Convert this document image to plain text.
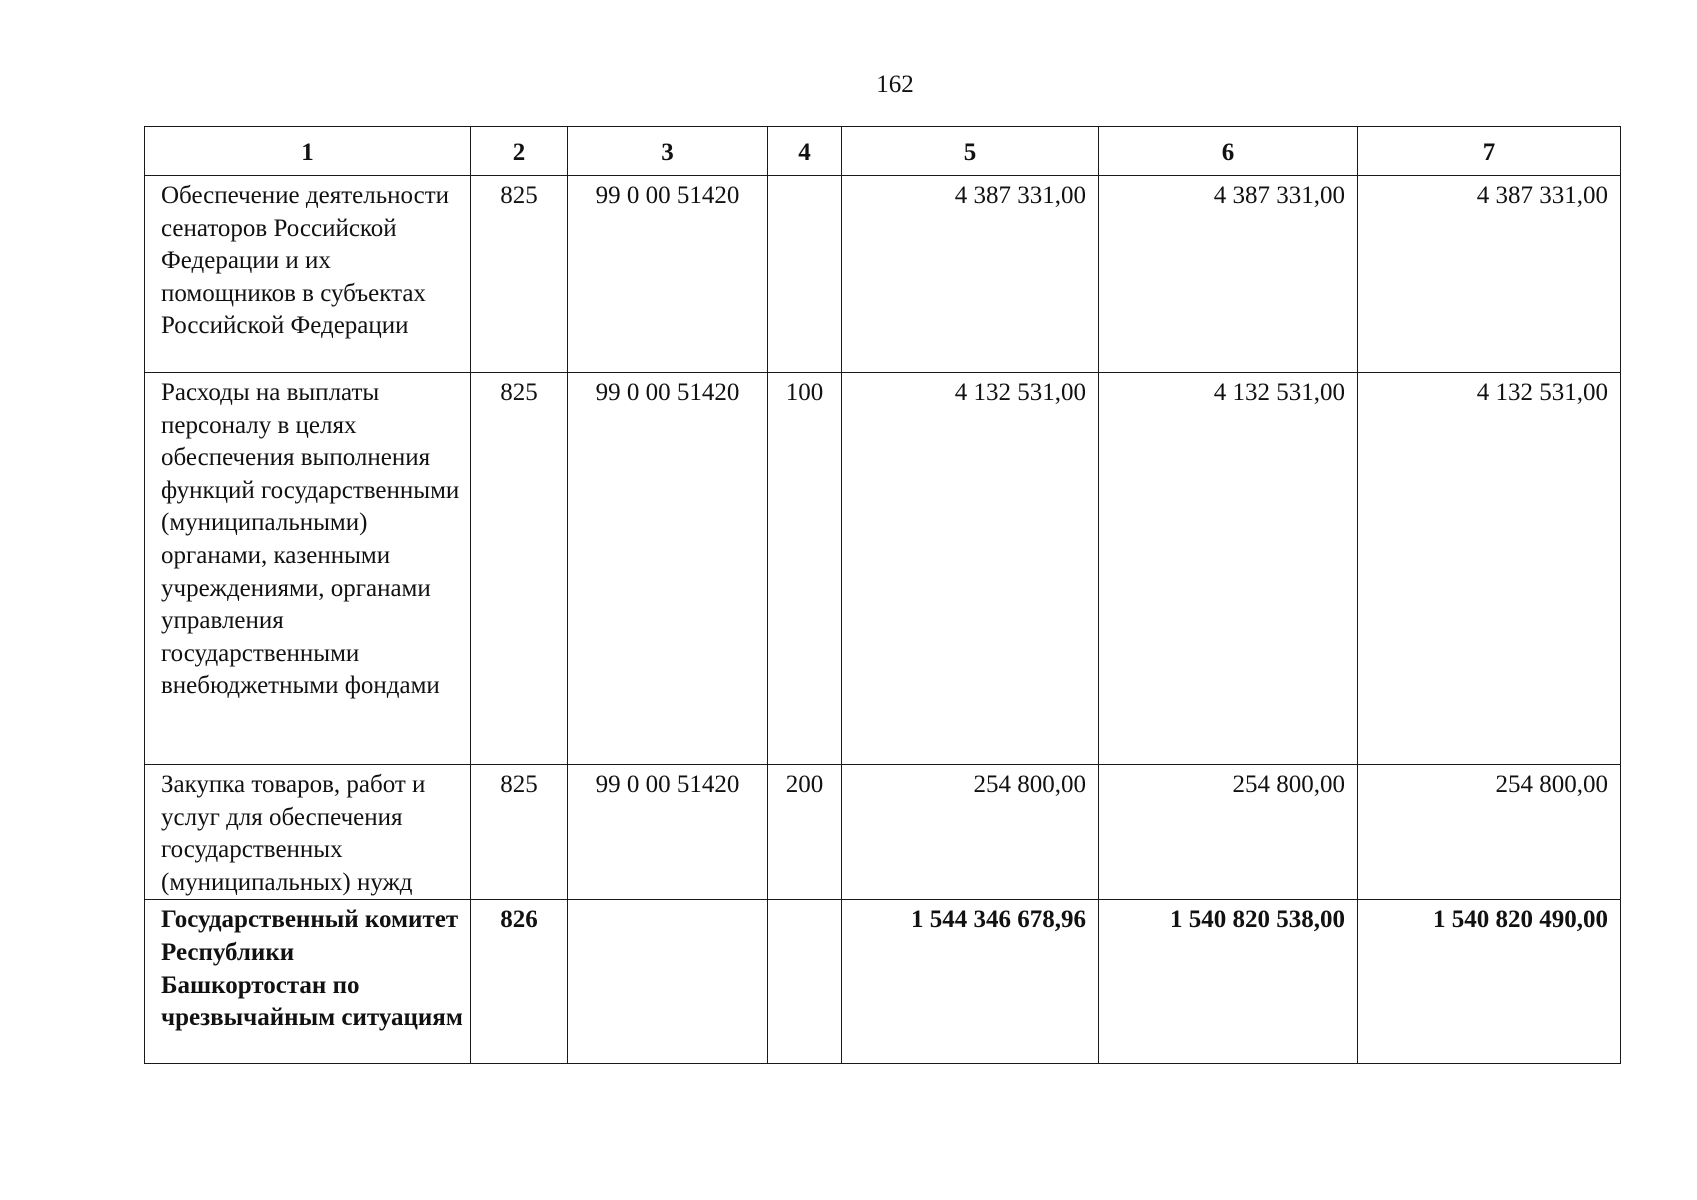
162
1	2	3	4	5	6	7
Обеспечение деятельности сенаторов Российской Федерации и их помощников в субъектах Российской Федерации	825	99 0 00 51420		4 387 331,00	4 387 331,00	4 387 331,00
Расходы на выплаты персоналу в целях обеспечения выполнения функций государственными (муниципальными) органами, казенными учреждениями, органами управления государственными внебюджетными фондами	825	99 0 00 51420	100	4 132 531,00	4 132 531,00	4 132 531,00
Закупка товаров, работ и услуг для обеспечения государственных (муниципальных) нужд	825	99 0 00 51420	200	254 800,00	254 800,00	254 800,00
Государственный комитет Республики Башкортостан по чрезвычайным ситуациям	826			1 544 346 678,96	1 540 820 538,00	1 540 820 490,00
